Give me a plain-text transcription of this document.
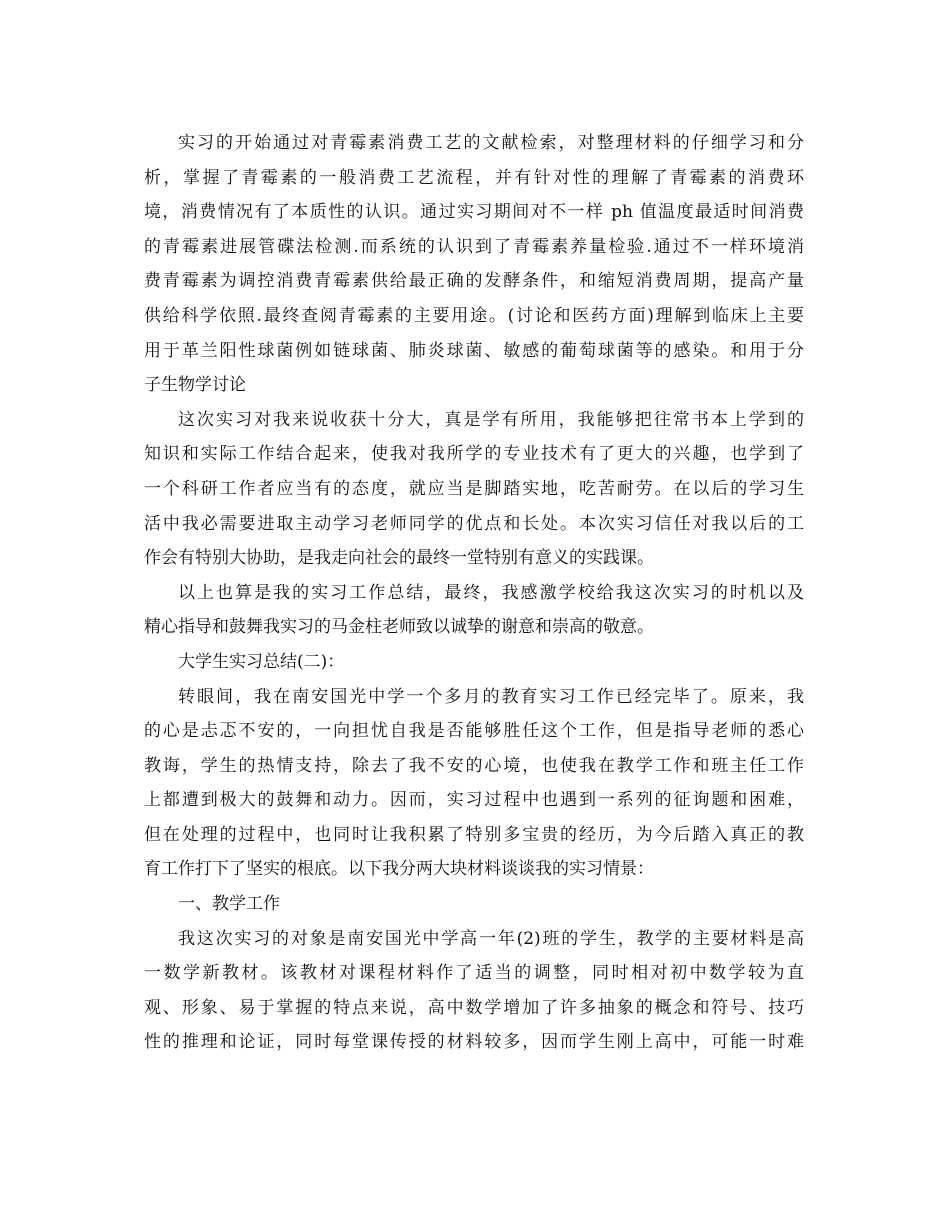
实习的开始通过对青霉素消费工艺的文献检索，对整理材料的仔细学习和分
析，掌握了青霉素的一般消费工艺流程，并有针对性的理解了青霉素的消费环
境，消费情况有了本质性的认识。通过实习期间对不一样 ph 值温度最适时间消费
的青霉素进展管碟法检测.而系统的认识到了青霉素养量检验.通过不一样环境消
费青霉素为调控消费青霉素供给最正确的发酵条件，和缩短消费周期，提高产量
供给科学依照.最终查阅青霉素的主要用途。(讨论和医药方面)理解到临床上主要
用于革兰阳性球菌例如链球菌、肺炎球菌、敏感的葡萄球菌等的感染。和用于分
子生物学讨论
这次实习对我来说收获十分大，真是学有所用，我能够把往常书本上学到的
知识和实际工作结合起来，使我对我所学的专业技术有了更大的兴趣，也学到了
一个科研工作者应当有的态度，就应当是脚踏实地，吃苦耐劳。在以后的学习生
活中我必需要进取主动学习老师同学的优点和长处。本次实习信任对我以后的工
作会有特别大协助，是我走向社会的最终一堂特别有意义的实践课。
以上也算是我的实习工作总结，最终，我感激学校给我这次实习的时机以及
精心指导和鼓舞我实习的马金柱老师致以诚挚的谢意和崇高的敬意。
大学生实习总结(二)：
转眼间，我在南安国光中学一个多月的教育实习工作已经完毕了。原来，我
的心是忐忑不安的，一向担忧自我是否能够胜任这个工作，但是指导老师的悉心
教诲，学生的热情支持，除去了我不安的心境，也使我在教学工作和班主任工作
上都遭到极大的鼓舞和动力。因而，实习过程中也遇到一系列的征询题和困难，
但在处理的过程中，也同时让我积累了特别多宝贵的经历，为今后踏入真正的教
育工作打下了坚实的根底。以下我分两大块材料谈谈我的实习情景：
一、教学工作
我这次实习的对象是南安国光中学高一年(2)班的学生，教学的主要材料是高
一数学新教材。该教材对课程材料作了适当的调整，同时相对初中数学较为直
观、形象、易于掌握的特点来说，高中数学增加了许多抽象的概念和符号、技巧
性的推理和论证，同时每堂课传授的材料较多，因而学生刚上高中，可能一时难
